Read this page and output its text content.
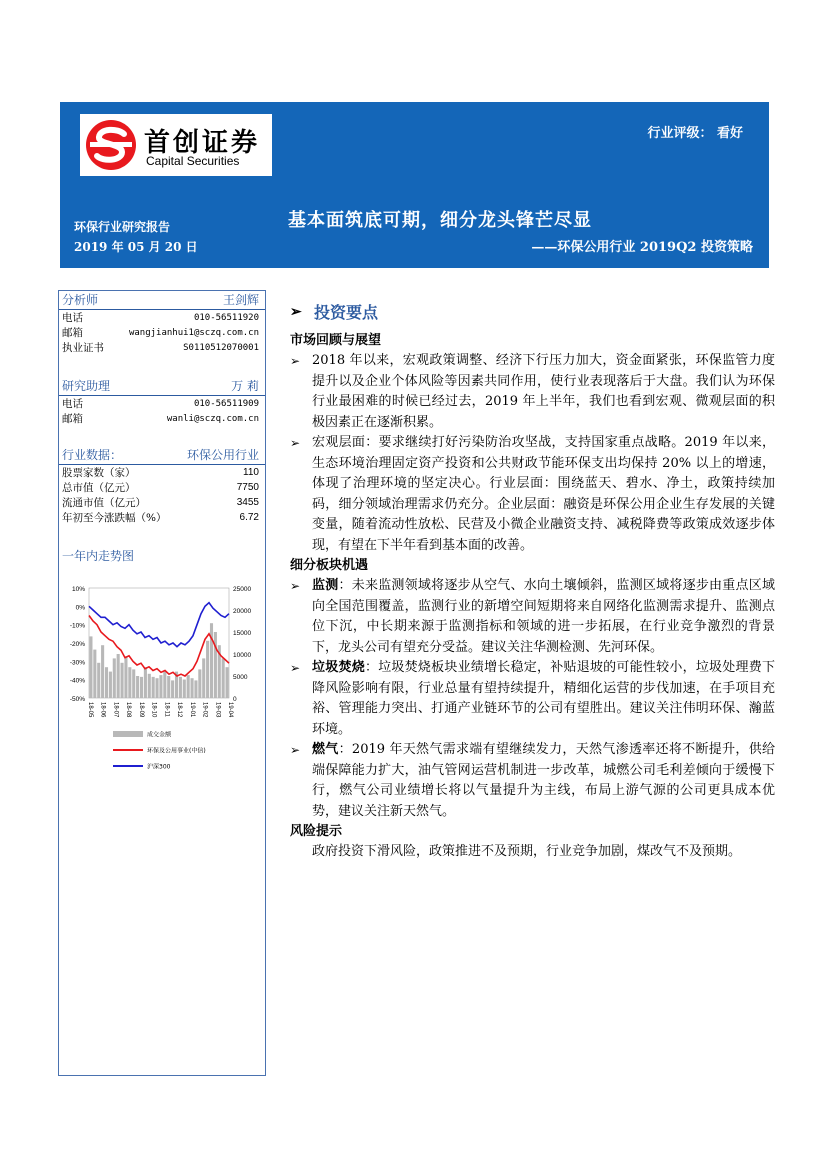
首创证券
Capital Securities
行业评级： 看好
基本面筑底可期，细分龙头锋芒尽显
环保行业研究报告
——环保公用行业 2019Q2 投资策略
2019 年 05 月 20 日
分析师	王剑辉
电话	010-56511920
邮箱	wangjianhui1@sczq.com.cn
执业证书	S0110512070001
研究助理	万 莉
电话	010-56511909
邮箱	wanli@sczq.com.cn
行业数据：	环保公用行业
股票家数（家）	110
总市值（亿元）	7750
流通市值（亿元）	3455
年初至今涨跌幅（%）	6.72
一年内走势图
10%
0%
-10%
-20%
-30%
-40%
-50%
25000
20000
15000
10000
5000
0
18-05 18-06 18-07 18-08 18-09 18-10 18-11 18-12 19-01 19-02 19-03 19-04
成交金额
环保及公用事业(中信)
沪深300
➢ 投资要点
市场回顾与展望
➢ 2018 年以来，宏观政策调整、经济下行压力加大，资金面紧张，环保监管力度提升以及企业个体风险等因素共同作用，使行业表现落后于大盘。我们认为环保行业最困难的时候已经过去，2019 年上半年，我们也看到宏观、微观层面的积极因素正在逐渐积累。
➢ 宏观层面：要求继续打好污染防治攻坚战，支持国家重点战略。2019 年以来，生态环境治理固定资产投资和公共财政节能环保支出均保持 20% 以上的增速，体现了治理环境的坚定决心。行业层面：围绕蓝天、碧水、净土，政策持续加码，细分领域治理需求仍充分。企业层面：融资是环保公用企业生存发展的关键变量，随着流动性放松、民营及小微企业融资支持、减税降费等政策成效逐步体现，有望在下半年看到基本面的改善。
细分板块机遇
➢ 监测：未来监测领域将逐步从空气、水向土壤倾斜，监测区域将逐步由重点区域向全国范围覆盖，监测行业的新增空间短期将来自网络化监测需求提升、监测点位下沉，中长期来源于监测指标和领域的进一步拓展，在行业竞争激烈的背景下，龙头公司有望充分受益。建议关注华测检测、先河环保。
➢ 垃圾焚烧：垃圾焚烧板块业绩增长稳定，补贴退坡的可能性较小，垃圾处理费下降风险影响有限，行业总量有望持续提升，精细化运营的步伐加速，在手项目充裕、管理能力突出、打通产业链环节的公司有望胜出。建议关注伟明环保、瀚蓝环境。
➢ 燃气：2019 年天然气需求端有望继续发力，天然气渗透率还将不断提升，供给端保障能力扩大，油气管网运营机制进一步改革，城燃公司毛利差倾向于缓慢下行，燃气公司业绩增长将以气量提升为主线，布局上游气源的公司更具成本优势，建议关注新天然气。
风险提示
政府投资下滑风险，政策推进不及预期，行业竞争加剧，煤改气不及预期。
